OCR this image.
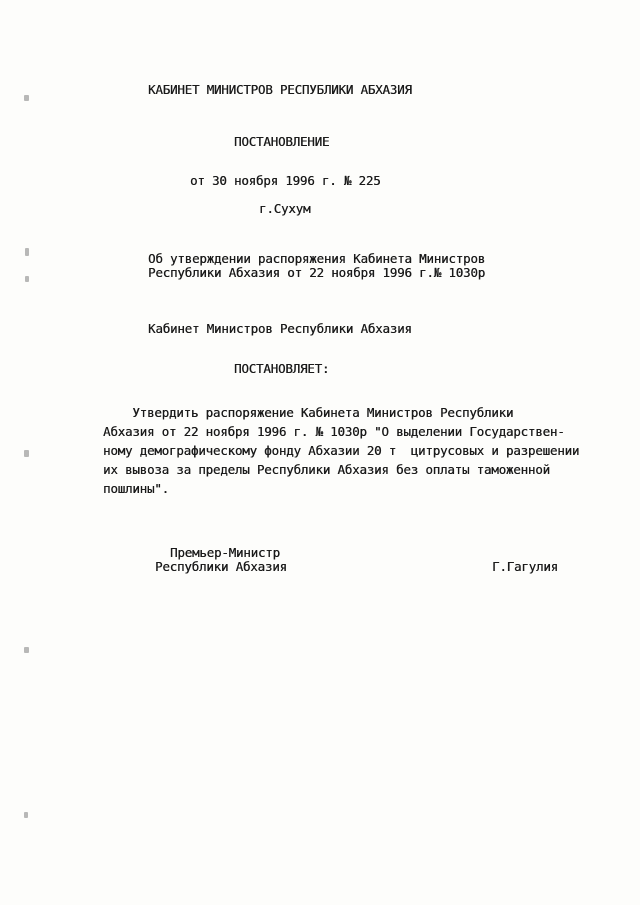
КАБИНЕТ МИНИСТРОВ РЕСПУБЛИКИ АБХАЗИЯ
ПОСТАНОВЛЕНИЕ
от 30 ноября 1996 г. № 225
г.Сухум
Об утверждении распоряжения Кабинета Министров
Республики Абхазия от 22 ноября 1996 г.№ 1030р
Кабинет Министров Республики Абхазия
ПОСТАНОВЛЯЕТ:
Утвердить распоряжение Кабинета Министров Республики
Абхазия от 22 ноября 1996 г. № 1030р "О выделении Государствен-
ному демографическому фонду Абхазии 20 т  цитрусовых и разрешении
их вывоза за пределы Республики Абхазия без оплаты таможенной
пошлины".
Премьер-Министр
Республики Абхазия	Г.Гагулия
